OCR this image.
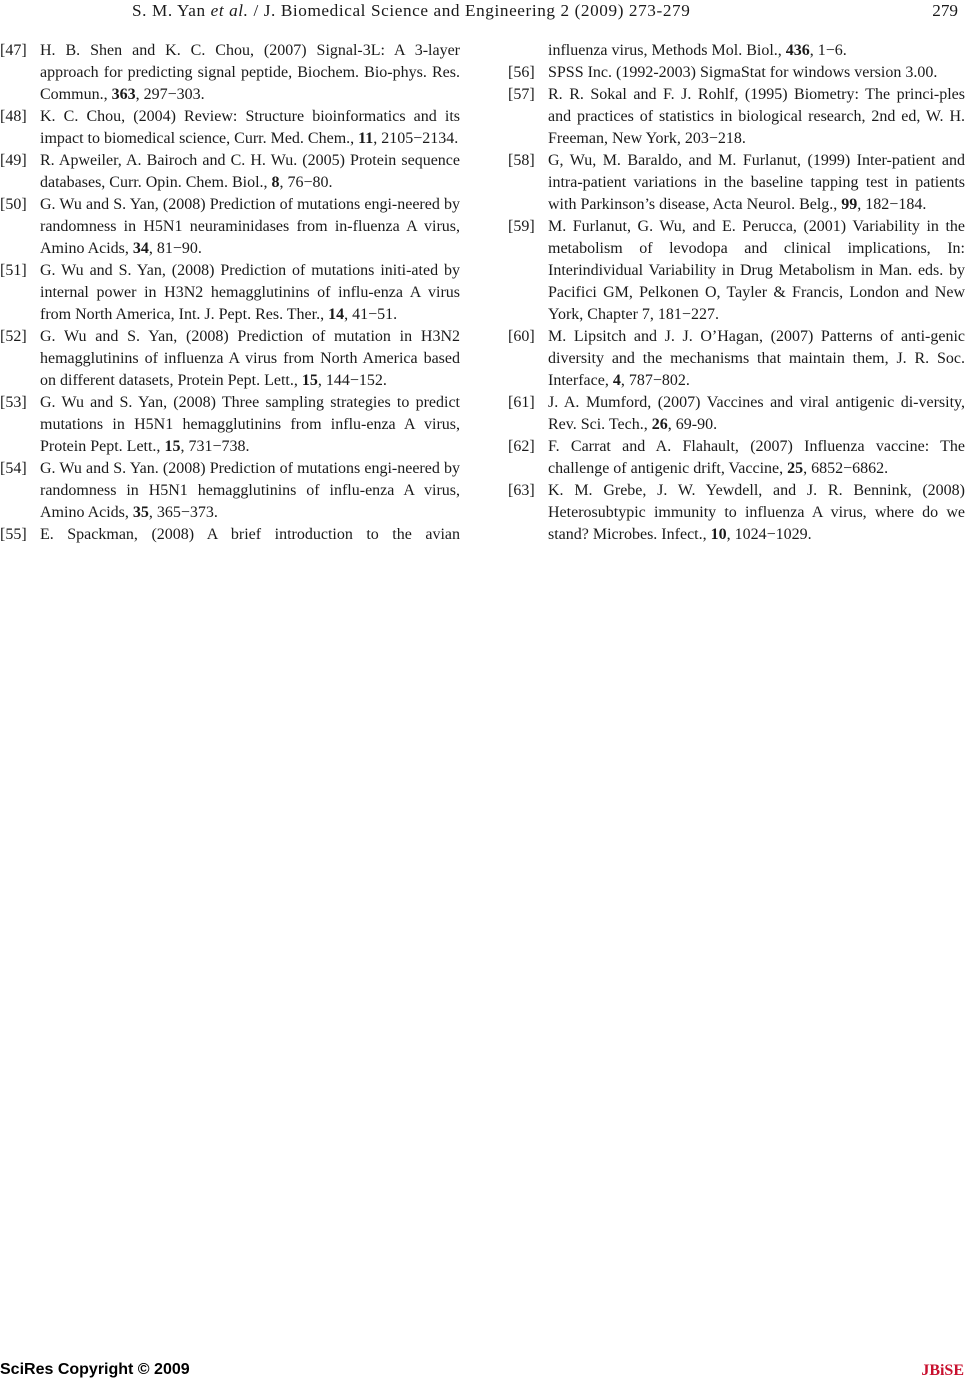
S. M. Yan et al. / J. Biomedical Science and Engineering 2 (2009) 273-279	279
[47] H. B. Shen and K. C. Chou, (2007) Signal-3L: A 3-layer approach for predicting signal peptide, Biochem. Bio-phys. Res. Commun., 363, 297−303.
[48] K. C. Chou, (2004) Review: Structure bioinformatics and its impact to biomedical science, Curr. Med. Chem., 11, 2105−2134.
[49] R. Apweiler, A. Bairoch and C. H. Wu. (2005) Protein sequence databases, Curr. Opin. Chem. Biol., 8, 76−80.
[50] G. Wu and S. Yan, (2008) Prediction of mutations engi-neered by randomness in H5N1 neuraminidases from in-fluenza A virus, Amino Acids, 34, 81−90.
[51] G. Wu and S. Yan, (2008) Prediction of mutations initi-ated by internal power in H3N2 hemagglutinins of influ-enza A virus from North America, Int. J. Pept. Res. Ther., 14, 41−51.
[52] G. Wu and S. Yan, (2008) Prediction of mutation in H3N2 hemagglutinins of influenza A virus from North America based on different datasets, Protein Pept. Lett., 15, 144−152.
[53] G. Wu and S. Yan, (2008) Three sampling strategies to predict mutations in H5N1 hemagglutinins from influ-enza A virus, Protein Pept. Lett., 15, 731−738.
[54] G. Wu and S. Yan. (2008) Prediction of mutations engi-neered by randomness in H5N1 hemagglutinins of influ-enza A virus, Amino Acids, 35, 365−373.
[55] E. Spackman, (2008) A brief introduction to the avian
influenza virus, Methods Mol. Biol., 436, 1−6.
[56] SPSS Inc. (1992-2003) SigmaStat for windows version 3.00.
[57] R. R. Sokal and F. J. Rohlf, (1995) Biometry: The princi-ples and practices of statistics in biological research, 2nd ed, W. H. Freeman, New York, 203−218.
[58] G, Wu, M. Baraldo, and M. Furlanut, (1999) Inter-patient and intra-patient variations in the baseline tapping test in patients with Parkinson’s disease, Acta Neurol. Belg., 99, 182−184.
[59] M. Furlanut, G. Wu, and E. Perucca, (2001) Variability in the metabolism of levodopa and clinical implications, In: Interindividual Variability in Drug Metabolism in Man. eds. by Pacifici GM, Pelkonen O, Tayler & Francis, London and New York, Chapter 7, 181−227.
[60] M. Lipsitch and J. J. O’Hagan, (2007) Patterns of anti-genic diversity and the mechanisms that maintain them, J. R. Soc. Interface, 4, 787−802.
[61] J. A. Mumford, (2007) Vaccines and viral antigenic di-versity, Rev. Sci. Tech., 26, 69-90.
[62] F. Carrat and A. Flahault, (2007) Influenza vaccine: The challenge of antigenic drift, Vaccine, 25, 6852−6862.
[63] K. M. Grebe, J. W. Yewdell, and J. R. Bennink, (2008) Heterosubtypic immunity to influenza A virus, where do we stand? Microbes. Infect., 10, 1024−1029.
SciRes Copyright © 2009	JBiSE
